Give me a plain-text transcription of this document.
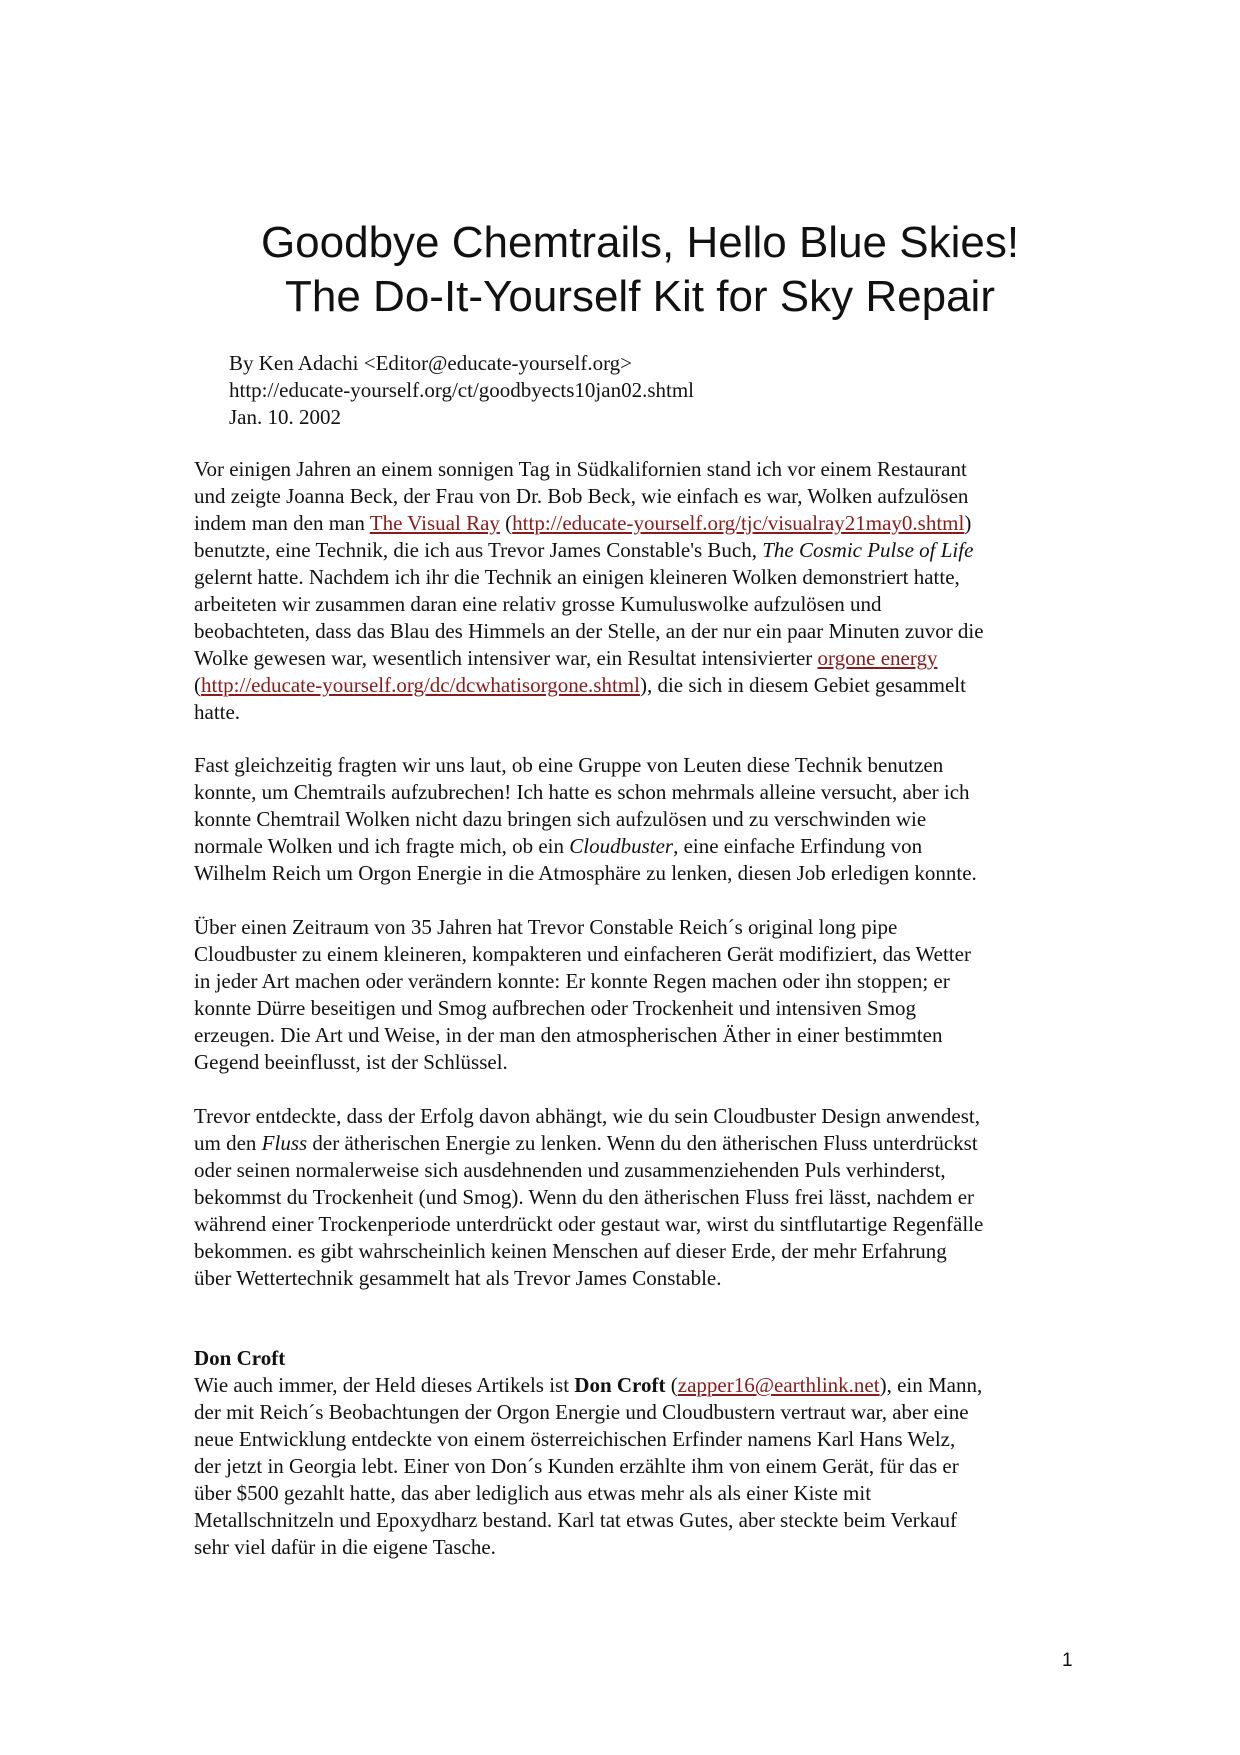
Goodbye Chemtrails, Hello Blue Skies!
The Do-It-Yourself Kit for Sky Repair
By Ken Adachi <Editor@educate-yourself.org>
http://educate-yourself.org/ct/goodbyects10jan02.shtml
Jan. 10. 2002
Vor einigen Jahren an einem sonnigen Tag in Südkalifornien stand ich vor einem Restaurant
und zeigte Joanna Beck, der Frau von Dr. Bob Beck, wie einfach es war, Wolken aufzulösen
indem man den man The Visual Ray (http://educate-yourself.org/tjc/visualray21may0.shtml)
benutzte, eine Technik, die ich aus Trevor James Constable's Buch, The Cosmic Pulse of Life
gelernt hatte. Nachdem ich ihr die Technik an einigen kleineren Wolken demonstriert hatte,
arbeiteten wir zusammen daran eine relativ grosse Kumuluswolke aufzulösen und
beobachteten, dass das Blau des Himmels an der Stelle, an der nur ein paar Minuten zuvor die
Wolke gewesen war, wesentlich intensiver war, ein Resultat intensivierter orgone energy
(http://educate-yourself.org/dc/dcwhatisorgone.shtml), die sich in diesem Gebiet gesammelt
hatte.
Fast gleichzeitig fragten wir uns laut, ob eine Gruppe von Leuten diese Technik benutzen
konnte, um Chemtrails aufzubrechen! Ich hatte es schon mehrmals alleine versucht, aber ich
konnte Chemtrail Wolken nicht dazu bringen sich aufzulösen und zu verschwinden wie
normale Wolken und ich fragte mich, ob ein Cloudbuster, eine einfache Erfindung von
Wilhelm Reich um Orgon Energie in die Atmosphäre zu lenken, diesen Job erledigen konnte.
Über einen Zeitraum von 35 Jahren hat Trevor Constable Reich´s original long pipe
Cloudbuster zu einem kleineren, kompakteren und einfacheren Gerät modifiziert, das Wetter
in jeder Art machen oder verändern konnte: Er konnte Regen machen oder ihn stoppen; er
konnte Dürre beseitigen und Smog aufbrechen oder Trockenheit und intensiven Smog
erzeugen. Die Art und Weise, in der man den atmospherischen Äther in einer bestimmten
Gegend beeinflusst, ist der Schlüssel.
Trevor entdeckte, dass der Erfolg davon abhängt, wie du sein Cloudbuster Design anwendest,
um den Fluss der ätherischen Energie zu lenken. Wenn du den ätherischen Fluss unterdrückst
oder seinen normalerweise sich ausdehnenden und zusammenziehenden Puls verhinderst,
bekommst du Trockenheit (und Smog). Wenn du den ätherischen Fluss frei lässt, nachdem er
während einer Trockenperiode unterdrückt oder gestaut war, wirst du sintflutartige Regenfälle
bekommen. es gibt wahrscheinlich keinen Menschen auf dieser Erde, der mehr Erfahrung
über Wettertechnik gesammelt hat als Trevor James Constable.
Don Croft
Wie auch immer, der Held dieses Artikels ist Don Croft (zapper16@earthlink.net), ein Mann,
der mit Reich´s Beobachtungen der Orgon Energie und Cloudbustern vertraut war, aber eine
neue Entwicklung entdeckte von einem österreichischen Erfinder namens Karl Hans Welz,
der jetzt in Georgia lebt. Einer von Don´s Kunden erzählte ihm von einem Gerät, für das er
über $500 gezahlt hatte, das aber lediglich aus etwas mehr als als einer Kiste mit
Metallschnitzeln und Epoxydharz bestand. Karl tat etwas Gutes, aber steckte beim Verkauf
sehr viel dafür in die eigene Tasche.
1
